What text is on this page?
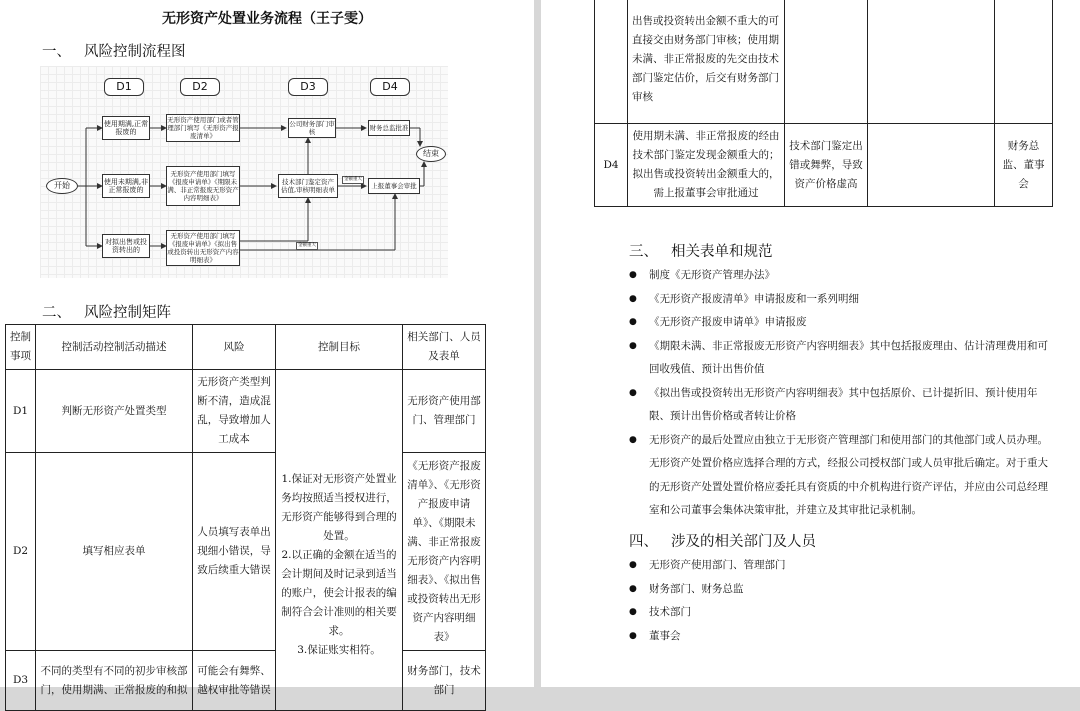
无形资产处置业务流程（王子雯）
一、 风险控制流程图
D1	D2	D3	D4
开始
使用期满,正常报废的
使用未期满,非正常报废的
对拟出售或投资转出的
无形资产使用部门或者管理部门填写《无形资产报废清单》
无形资产使用部门填写《报废申请单》《期限未满、非正常报废无形资产内容明细表》
无形资产使用部门填写《报废申请单》《拟出售或投资转出无形资产内容明细表》
公司财务部门审核
技术部门鉴定资产估值,审核明细表单
财务总监批准
上报董事会审批
结束
金额重大
金额重大
二、 风险控制矩阵
控制事项	控制活动控制活动描述	风险	控制目标	相关部门、人员及表单
D1	判断无形资产处置类型	无形资产类型判断不清，造成混乱，导致增加人工成本	1.保证对无形资产处置业务均按照适当授权进行，无形资产能够得到合理的处置。
2.以正确的金额在适当的会计期间及时记录到适当的账户，使会计报表的编制符合会计准则的相关要求。
3.保证账实相符。	无形资产使用部门、管理部门
D2	填写相应表单	人员填写表单出现细小错误，导致后续重大错误		《无形资产报废清单》、《无形资产报废申请单》、《期限未满、非正常报废无形资产内容明细表》、《拟出售或投资转出无形资产内容明细表》
D3	不同的类型有不同的初步审核部门，使用期满、正常报废的和拟	可能会有舞弊、越权审批等错误		财务部门，技术部门
	出售或投资转出金额不重大的可直接交由财务部门审核；使用期未满、非正常报废的先交由技术部门鉴定估价，后交有财务部门审核			
D4	使用期未满、非正常报废的经由技术部门鉴定发现金额重大的；拟出售或投资转出金额重大的，需上报董事会审批通过	技术部门鉴定出错或舞弊，导致资产价格虚高		财务总监、董事会
三、 相关表单和规范
● 制度《无形资产管理办法》
● 《无形资产报废清单》申请报废和一系列明细
● 《无形资产报废申请单》申请报废
● 《期限未满、非正常报废无形资产内容明细表》其中包括报废理由、估计清理费用和可回收残值、预计出售价值
● 《拟出售或投资转出无形资产内容明细表》其中包括原价、已计提折旧、预计使用年限、预计出售价格或者转让价格
● 无形资产的最后处置应由独立于无形资产管理部门和使用部门的其他部门或人员办理。无形资产处置价格应选择合理的方式，经报公司授权部门或人员审批后确定。对于重大的无形资产处置处置价格应委托具有资质的中介机构进行资产评估，并应由公司总经理室和公司董事会集体决策审批，并建立及其审批记录机制。
四、 涉及的相关部门及人员
● 无形资产使用部门、管理部门
● 财务部门、财务总监
● 技术部门
● 董事会
